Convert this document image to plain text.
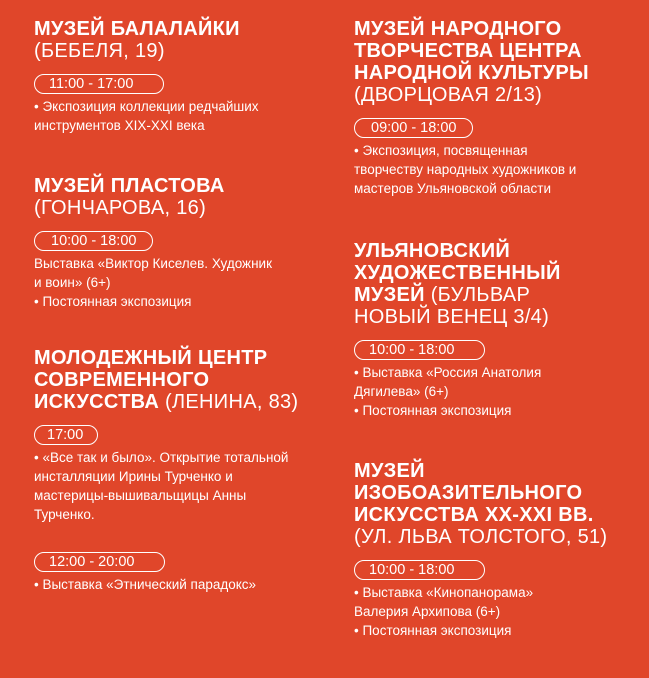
МУЗЕЙ БАЛАЛАЙКИ
(БЕБЕЛЯ, 19)

11:00 - 17:00

• Экспозиция коллекции редчайших инструментов XIX-XXI века

МУЗЕЙ ПЛАСТОВА
(ГОНЧАРОВА, 16)

10:00 - 18:00

Выставка «Виктор Киселев. Художник и воин» (6+)

• Постоянная экспозиция

МОЛОДЕЖНЫЙ ЦЕНТР СОВРЕМЕННОГО ИСКУССТВА (ЛЕНИНА, 83)

17:00

• «Все так и было». Открытие тотальной инсталляции Ирины Турченко и мастерицы-вышивальщицы Анны Турченко.

12:00 - 20:00

• Выставка «Этнический парадокс»

МУЗЕЙ НАРОДНОГО ТВОРЧЕСТВА ЦЕНТРА НАРОДНОЙ КУЛЬТУРЫ
(ДВОРЦОВАЯ 2/13)

09:00 - 18:00

• Экспозиция, посвященная творчеству народных художников и мастеров Ульяновской области

УЛЬЯНОВСКИЙ ХУДОЖЕСТВЕННЫЙ МУЗЕЙ (БУЛЬВАР НОВЫЙ ВЕНЕЦ 3/4)

10:00 - 18:00

• Выставка «Россия Анатолия Дягилева» (6+)

• Постоянная экспозиция

МУЗЕЙ ИЗОБОАЗИТЕЛЬНОГО ИСКУССТВА XX-XXI ВВ. (УЛ. ЛЬВА ТОЛСТОГО, 51)

10:00 - 18:00

• Выставка «Кинопанорама» Валерия Архипова (6+)

• Постоянная экспозиция
